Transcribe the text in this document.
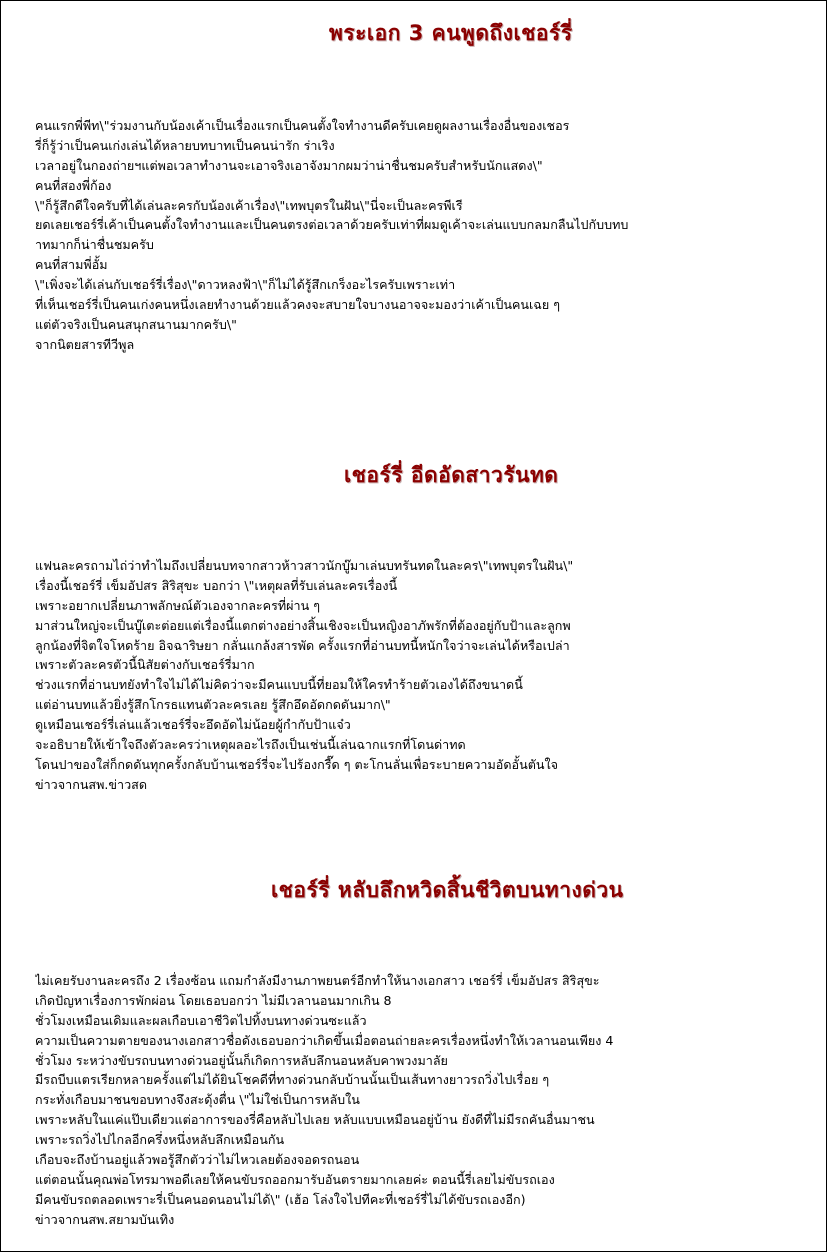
พระเอก 3 คนพูดถึงเชอร์รี่
คนแรกพี่พีท\"ร่วมงานกับน้องเค้าเป็นเรื่องแรกเป็นคนตั้งใจทำงานดีครับเคยดูผลงานเรื่องอื่นของเชอร
รี่ก็รู้ว่าเป็นคนเก่งเล่นได้หลายบทบาทเป็นคนน่ารัก ร่าเริง
เวลาอยู่ในกองถ่ายฯแต่พอเวลาทำงานจะเอาจริงเอาจังมากผมว่าน่าชื่นชมครับสำหรับนักแสดง\"
คนที่สองพี่ก้อง
\"ก็รู้สึกดีใจครับที่ได้เล่นละครกับน้องเค้าเรื่อง\"เทพบุตรในฝัน\"นี่จะเป็นละครพีเรี
ยดเลยเชอร์รี่เค้าเป็นคนตั้งใจทำงานและเป็นคนตรงต่อเวลาด้วยครับเท่าที่ผมดูเค้าจะเล่นแบบกลมกลืนไปกับบทบ
าทมากก็น่าชื่นชมครับ
คนที่สามพี่อั้ม
\"เพิ่งจะได้เล่นกับเชอร์รี่เรื่อง\"ดาวหลงฟ้า\"ก็ไม่ได้รู้สึกเกร็งอะไรครับเพราะเท่า
ที่เห็นเชอร์รี่เป็นคนเก่งคนหนึ่งเลยทำงานด้วยแล้วคงจะสบายใจบางนอาจจะมองว่าเค้าเป็นคนเฉย ๆ
แต่ตัวจริงเป็นคนสนุกสนานมากครับ\"
จากนิตยสารทีวีพูล
เชอร์รี่ อีดอัดสาวรันทด
แฟนละครถามไถ่ว่าทำไมถึงเปลี่ยนบทจากสาวห้าวสาวนักบู๊มาเล่นบทรันทดในละคร\"เทพบุตรในฝัน\"
เรื่องนี้เชอร์รี่ เข็มอัปสร สิริสุขะ บอกว่า \"เหตุผลที่รับเล่นละครเรื่องนี้
เพราะอยากเปลี่ยนภาพลักษณ์ตัวเองจากละครที่ผ่าน ๆ
มาส่วนใหญ่จะเป็นบู๊เตะต่อยแต่เรื่องนี้แตกต่างอย่างสิ้นเชิงจะเป็นหญิงอาภัพรักที่ต้องอยู่กับป้าและลูกพ
ี่ลูกน้องที่จิตใจโหดร้าย อิจฉาริษยา กลั่นแกล้งสารพัด ครั้งแรกที่อ่านบทนี้หนักใจว่าจะเล่นได้หรือเปล่า
เพราะตัวละครตัวนี้นิสัยต่างกับเชอร์รี่มาก
ช่วงแรกที่อ่านบทยังทำใจไม่ได้ไม่คิดว่าจะมีคนแบบนี้ที่ยอมให้ใครทำร้ายตัวเองได้ถึงขนาดนี้
แต่อ่านบทแล้วยิ่งรู้สึกโกรธแทนตัวละครเลย รู้สึกอึดอัดกดดันมาก\"
ดูเหมือนเชอร์รี่เล่นแล้วเชอร์รี่จะอึดอัดไม่น้อยผู้กำกับป้าแจ๋ว
จะอธิบายให้เข้าใจถึงตัวละครว่าเหตุผลอะไรถึงเป็นเช่นนี้เล่นฉากแรกที่โดนด่าทด
โดนปาของใส่ก็กดดันทุกครั้งกลับบ้านเชอร์รี่จะไปร้องกรี๊ด ๆ ตะโกนลั่นเพื่อระบายความอัดอั้นตันใจ
ข่าวจากนสพ.ข่าวสด
เชอร์รี่ หลับลึกหวิดสิ้นชีวิตบนทางด่วน
ไม่เคยรับงานละครถึง 2 เรื่องซ้อน แถมกำลังมีงานภาพยนตร์อีกทำให้นางเอกสาว เชอร์รี่ เข็มอัปสร สิริสุขะ
เกิดปัญหาเรื่องการพักผ่อน โดยเธอบอกว่า ไม่มีเวลานอนมากเกิน 8
ชั่วโมงเหมือนเดิมและผลเกือบเอาชีวิตไปทิ้งบนทางด่วนซะแล้ว
ความเป็นความตายของนางเอกสาวชื่อดังเธอบอกว่าเกิดขึ้นเมื่อตอนถ่ายละครเรื่องหนึ่งทำให้เวลานอนเพียง 4
ชั่วโมง ระหว่างขับรถบนทางด่วนอยู่นั้นก็เกิดการหลับลึกนอนหลับคาพวงมาลัย
มีรถบีบแตรเรียกหลายครั้งแต่ไม่ได้ยินโชคดีที่ทางด่วนกลับบ้านนั้นเป็นเส้นทางยาวรถวิ่งไปเรื่อย ๆ
กระทั่งเกือบมาชนขอบทางจึงสะดุ้งตื่น \"ไม่ใช่เป็นการหลับใน
เพราะหลับในแค่แป๊บเดียวแต่อาการของรี่คือหลับไปเลย หลับแบบเหมือนอยู่บ้าน ยังดีที่ไม่มีรถคันอื่นมาชน
เพราะรถวิ่งไปไกลอีกครึ่งหนึ่งหลับลึกเหมือนกัน
เกือบจะถึงบ้านอยู่แล้วพอรู้สึกตัวว่าไม่ไหวเลยต้องจอดรถนอน
แต่ตอนนั้นคุณพ่อโทรมาพอดีเลยให้คนขับรถออกมารับอันตรายมากเลยค่ะ ตอนนี้รี่เลยไม่ขับรถเอง
มีคนขับรถตลอดเพราะรี่เป็นคนอดนอนไม่ได้\" (เฮ้อ โล่งใจไปทีคะที่เชอร์รี่ไม่ได้ขับรถเองอีก)
ข่าวจากนสพ.สยามบันเทิง
